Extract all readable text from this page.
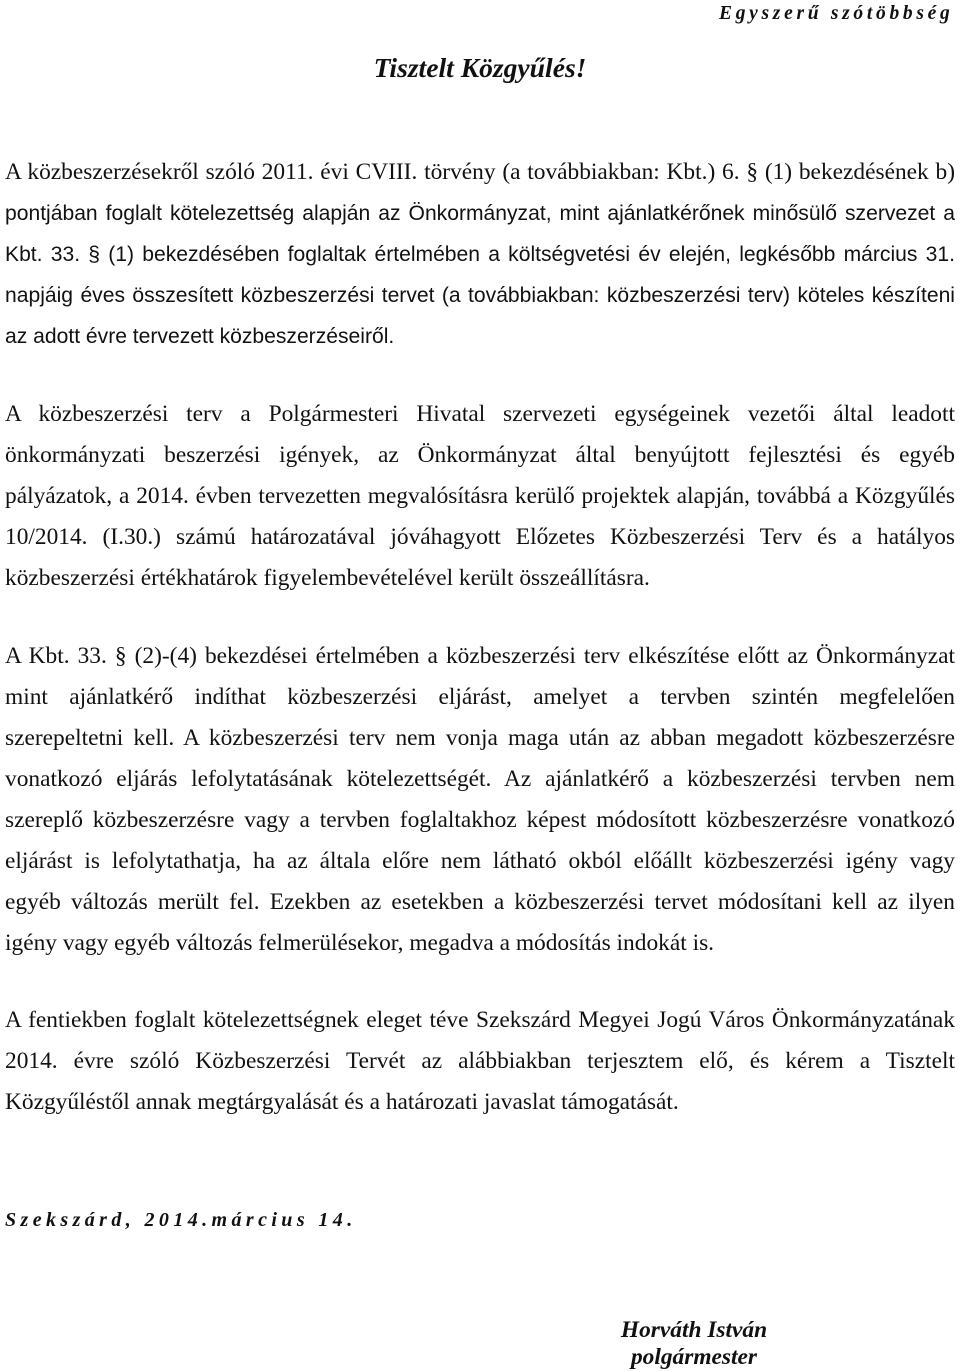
Egyszerű szótöbbség
Tisztelt Közgyűlés!
A közbeszerzésekről szóló 2011. évi CVIII. törvény (a továbbiakban: Kbt.) 6. § (1) bekezdésének b)
pontjában foglalt kötelezettség alapján az Önkormányzat, mint ajánlatkérőnek minősülő szervezet a
Kbt. 33. § (1) bekezdésében foglaltak értelmében a költségvetési év elején, legkésőbb március 31.
napjáig éves összesített közbeszerzési tervet (a továbbiakban: közbeszerzési terv) köteles készíteni
az adott évre tervezett közbeszerzéseiről.
A közbeszerzési terv a Polgármesteri Hivatal szervezeti egységeinek vezetői által leadott
önkormányzati beszerzési igények, az Önkormányzat által benyújtott fejlesztési és egyéb
pályázatok, a 2014. évben tervezetten megvalósításra kerülő projektek alapján, továbbá a Közgyűlés
10/2014. (I.30.) számú határozatával jóváhagyott Előzetes Közbeszerzési Terv és a hatályos
közbeszerzési értékhatárok figyelembevételével került összeállításra.
A Kbt. 33. § (2)-(4) bekezdései értelmében a közbeszerzési terv elkészítése előtt az Önkormányzat
mint ajánlatkérő indíthat közbeszerzési eljárást, amelyet a tervben szintén megfelelően
szerepeltetni kell. A közbeszerzési terv nem vonja maga után az abban megadott közbeszerzésre
vonatkozó eljárás lefolytatásának kötelezettségét. Az ajánlatkérő a közbeszerzési tervben nem
szereplő közbeszerzésre vagy a tervben foglaltakhoz képest módosított közbeszerzésre vonatkozó
eljárást is lefolytathatja, ha az általa előre nem látható okból előállt közbeszerzési igény vagy
egyéb változás merült fel. Ezekben az esetekben a közbeszerzési tervet módosítani kell az ilyen
igény vagy egyéb változás felmerülésekor, megadva a módosítás indokát is.
A fentiekben foglalt kötelezettségnek eleget téve Szekszárd Megyei Jogú Város Önkormányzatának
2014. évre szóló Közbeszerzési Tervét az alábbiakban terjesztem elő, és kérem a Tisztelt
Közgyűléstől annak megtárgyalását és a határozati javaslat támogatását.
Szekszárd, 2014.március 14.
Horváth István
polgármester
